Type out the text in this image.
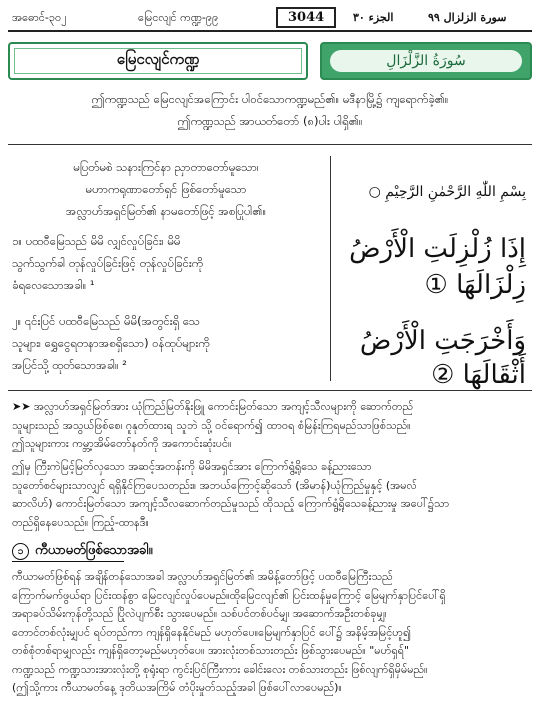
အဓောင်-၃၀၂	မြေငလျင် ကဏ္ဍ-၉၉	3044	الجزء ٣٠	سورة الزلزال ٩٩
မြေငလျင်ကဏ္ဍ	سُورَةُ الزَّلْزَالِ
ဤကဏ္ဍသည် မြေငလျင်အကြောင်း ပါဝင်သောကဏ္ဍမည်၏။ မဒီနာမြို့၌ ကျရောက်ခဲ့၏။
ဤကဏ္ဍသည် အာယတ်တော် (၈)ပါး ပါရှိ၏။
မပြတ်မစဲ သနားကြင်နာ ညှာတာတော်မူသော၊
မဟာကရုဏာတော်ရှင် ဖြစ်တော်မူသော
အလ္လာဟ်အရှင်မြတ်၏ နာမတော်ဖြင့် အစပြုပါ၏။
بِسْمِ اللّٰهِ الرَّحْمٰنِ الرَّحِيْمِ ○
၁။ ပထဝီမြေသည် မိမိ လျှင်လှုပ်ခြင်း၊ မိမိ
သွက်သွက်ခါ တုန်လှုပ်ခြင်းဖြင့် တုန်လှုပ်ခြင်းကို
ခံရလေသောအခါ။ ¹
إِذَا زُلْزِلَتِ الْأَرْضُ
زِلْزَالَهَا ①
၂။ ၎င်းပြင် ပထဝီမြေသည် မိမိ(အတွင်းရှိ သေ
သူများ၊ ရွှေငွေရတနာအစရှိသော) ဝန်ထုပ်များကို
အပြင်သို့ ထုတ်သောအခါ။ ²
وَأَخْرَجَتِ الْأَرْضُ أَثْقَالَهَا ②
➤➤ အလ္လာဟ်အရှင်မြတ်အား ယုံကြည်မြတ်နိုးဖြူ ကောင်းမြတ်သော အကျင့်သီလများကို ဆောက်တည်
သူများသည် အသွယ်ဖြစ်စေ၊ ဂူနုတ်ထားရ သူဘဲ သို့ ဝင်ရောက်၍ ထာဝရ စံမြန်းကြရမည်သာဖြစ်သည်။
ဤသူများကား ကမ္ဘာ့အိမ်တော်နတ်ကို အကောင်းဆုံးပင်။
ဤမှ ကြီးကဲမြင့်မြတ်လှသော အဆင့်အတန်းကို မိမိအရှင်အား ကြောက်ရွံ့ရိုသေ ခန့်ညားသော
သူတော်စင်များသာလျှင် ရရှိနိုင်ကြပေသတည်း။ အဘယ်ကြောင့်ဆိုသော် (အိမာန်)ယုံကြည်မှုနှင့် (အမလ်
ဆာလိဟ်) ကောင်းမြတ်သော အကျင့်သီလဆောက်တည်မှုသည် ထိုသည့် ကြောက်ရွံ့ရိုသေခန့်ညားမှု အပေါ်၌သာ
တည်ရှိနေပေသည်။ ကြည့်-ထာနဒီ။
၁ ကီယာမတ်ဖြစ်သောအခါ။
ကီယာမတ်ဖြစ်ရန် အချိန်တန်သောအခါ အလ္လာဟ်အရှင်မြတ်၏ အမိန့်တော်ဖြင့် ပထဝီမြေကြီးသည်
ကြောက်မက်ဖွယ်ရာ ပြင်းထန်စွာ မြေငလျင်လှုပ်ပေမည်။ထိုမြေငလျင်၏ ပြင်းထန်မှုကြောင့် မြေမျက်နှာပြင်ပေါ်ရှိ
အရာခပ်သိမ်းကုန်တို့သည် ပြိုလဲပျက်စီး သွားပေမည်။ သစ်ပင်တစ်ပင်မျှ၊ အဆောက်အဦးတစ်ခုမျှ၊
တောင်တစ်လုံးမျှပင် ရပ်တည်ကာ ကျန်ရှိနေနိုင်မည် မဟုတ်ပေ။မြေမျက်နှာပြင် ပေါ်၌ အနိမ့်အမြင့်ဟူ၍
တစ်စုံတစ်ရာမျှလည်း ကျန်ရှိတော့မည်မဟုတ်ပေ။ အားလုံးတစ်သားတည်း ဖြစ်သွားပေမည်။ "မဟ်ရှရ်"
ကဏ္ဍသည် ကဏ္ဍသားအားလုံးတို့ စုရုံးရာ ကွင်းပြင်ကြီးကား ခေါင်းလေး တစ်သားတည်း ဖြစ်လျက်ရှိမှိမ်မည်။
(ဤသို့ကား ကီယာမတ်နေ့ ဒုတိယအကြိမ် တံပိုးမှုတ်သည့်အခါ ဖြစ်ပေါ်လာပေမည်)။
